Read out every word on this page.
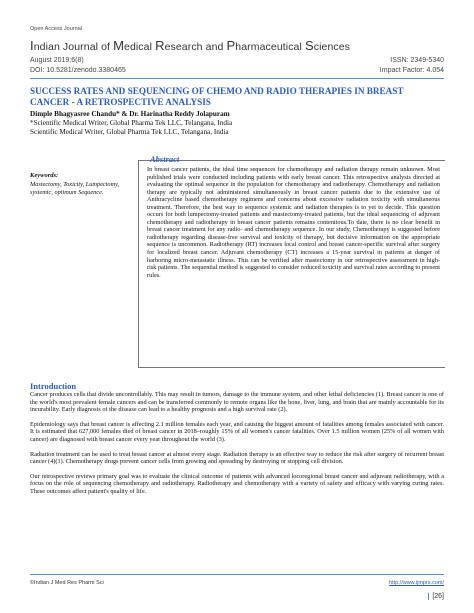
Open Access Journal
Indian Journal of Medical Research and Pharmaceutical Sciences
August 2019;6(8)
DOI: 10.5281/zenodo.3380465
ISSN: 2349-5340
Impact Factor: 4.054
SUCCESS RATES AND SEQUENCING OF CHEMO AND RADIO THERAPIES IN BREAST CANCER - A RETROSPECTIVE ANALYSIS
Dimple Bhagyasree Chandu* & Dr. Harinatha Reddy Jolapuram
*Scientific Medical Writer, Global Pharma Tek LLC, Telangana, India
Scientific Medical Writer, Global Pharma Tek LLC, Telangana, India
Abstract
In breast cancer patients, the ideal time sequences for chemotherapy and radiation therapy remain unknown. Most published trials were conducted including patients with early breast cancer. This retrospective analysis directed at evaluating the optimal sequence in the population for chemotherapy and radiotherapy. Chemotherapy and radiation therapy are typically not administered simultaneously in breast cancer patients due to the extensive use of Anthracycline based chemotherapy regimens and concerns about excessive radiation toxicity with simultaneous treatment. Therefore, the best way to sequence systemic and radiation therapies is to yet to decide. This question occurs for both lumpectomy-treated patients and mastectomy-treated patients, but the ideal sequencing of adjuvant chemotherapy and radiotherapy in breast cancer patients remains contentious.To date, there is no clear benefit in breast cancer treatment for any radio- and chemotherapy sequence. In our study, Chemotherapy is suggested before radiotherapy regarding disease-free survival and toxicity of therapy, but decisive information on the appropriate sequence is uncommon. Radiotherapy (RT) increases local control and breast cancer-specific survival after surgery for localized breast cancer. Adjuvant chemotherapy (CT) increases a 15-year survival in patients at danger of harboring micro-metastatic illness. This can be verified after mastectomy in our retrospective assessment in high-risk patients. The sequential method is suggested to consider reduced toxicity and survival rates according to present rules.
Keywords:
Mastectomy, Toxicity, Lumpectomy, systemic, optimum Sequence.
Introduction

Cancer produces cells that divide uncontrollably. This may result in tumors, damage to the immune system, and other lethal deficiencies (1). Breast cancer is one of the world's most prevalent female cancers and can be transferred commonly to remote organs like the bone, liver, lung, and brain that are mainly accountable for its incurability. Early diagnosis of the disease can lead to a healthy prognosis and a high survival rate (2).

Epidemiology says that breast cancer is affecting 2.1 million females each year, and causing the biggest amount of fatalities among females associated with cancer. It is estimated that 627,000 females died of breast cancer in 2018–roughly 15% of all women's cancer fatalities. Over 1.5 million women (25% of all women with cancer) are diagnosed with breast cancer every year throughout the world (3).

Radiation treatment can be used to treat breast cancer at almost every stage. Radiation therapy is an effective way to reduce the risk after surgery of recurrent breast cancer (4)(1). Chemotherapy drugs prevent cancer cells from growing and spreading by destroying or stopping cell division.

Our retrospective reviews primary goal was to evaluate the clinical outcome of patients with advanced locoregional breast cancer and adjuvant radiotherapy, with a focus on the role of sequencing chemotherapy and radiotherapy. Radiotherapy and chemotherapy with a variety of safety and efficacy with varying curing rates. These outcomes affect patient's quality of life.

©Indian J Med Res Pharm Sci	http://www.ijmprs.com/
[26]
